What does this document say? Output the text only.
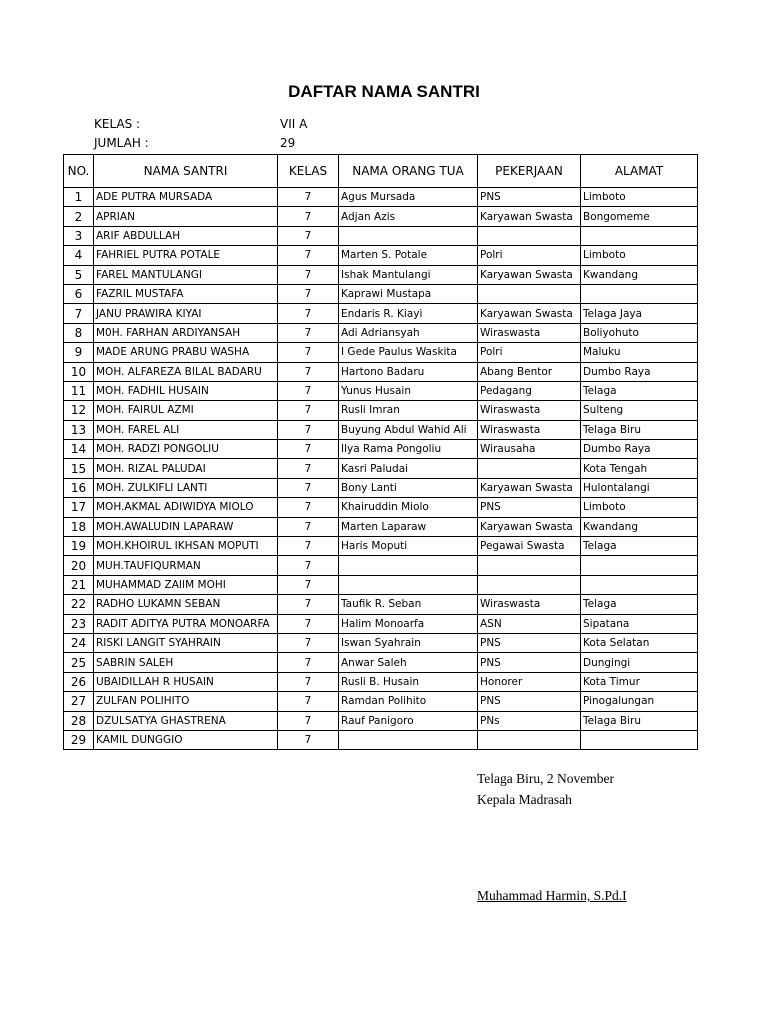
DAFTAR NAMA SANTRI
KELAS :	VII A
JUMLAH :	29
NO.	NAMA SANTRI	KELAS	NAMA ORANG TUA	PEKERJAAN	ALAMAT
1	ADE PUTRA MURSADA	7	Agus Mursada	PNS	Limboto
2	APRIAN	7	Adjan Azis	Karyawan Swasta	Bongomeme
3	ARIF ABDULLAH	7			
4	FAHRIEL PUTRA POTALE	7	Marten S. Potale	Polri	Limboto
5	FAREL MANTULANGI	7	Ishak Mantulangi	Karyawan Swasta	Kwandang
6	FAZRIL MUSTAFA	7	Kaprawi Mustapa		
7	JANU PRAWIRA KIYAI	7	Endaris R. Kiayi	Karyawan Swasta	Telaga Jaya
8	M0H. FARHAN ARDIYANSAH	7	Adi Adriansyah	Wiraswasta	Boliyohuto
9	MADE ARUNG PRABU WASHA	7	I Gede Paulus Waskita	Polri	Maluku
10	MOH. ALFAREZA BILAL BADARU	7	Hartono Badaru	Abang Bentor	Dumbo Raya
11	MOH. FADHIL HUSAIN	7	Yunus Husain	Pedagang	Telaga
12	MOH. FAIRUL AZMI	7	Rusli Imran	Wiraswasta	Sulteng
13	MOH. FAREL ALI	7	Buyung Abdul Wahid Ali	Wiraswasta	Telaga Biru
14	MOH. RADZI PONGOLIU	7	Ilya Rama Pongoliu	Wirausaha	Dumbo Raya
15	MOH. RIZAL PALUDAI	7	Kasri Paludai		Kota Tengah
16	MOH. ZULKIFLI LANTI	7	Bony Lanti	Karyawan Swasta	Hulontalangi
17	MOH.AKMAL ADIWIDYA MIOLO	7	Khairuddin Miolo	PNS	Limboto
18	MOH.AWALUDIN LAPARAW	7	Marten Laparaw	Karyawan Swasta	Kwandang
19	MOH.KHOIRUL IKHSAN MOPUTI	7	Haris Moputi	Pegawai Swasta	Telaga
20	MUH.TAUFIQURMAN	7			
21	MUHAMMAD ZAIIM MOHI	7			
22	RADHO LUKAMN SEBAN	7	Taufik R. Seban	Wiraswasta	Telaga
23	RADIT ADITYA PUTRA MONOARFA	7	Halim Monoarfa	ASN	Sipatana
24	RISKI LANGIT SYAHRAIN	7	Iswan Syahrain	PNS	Kota Selatan
25	SABRIN SALEH	7	Anwar Saleh	PNS	Dungingi
26	UBAIDILLAH R HUSAIN	7	Rusli B. Husain	Honorer	Kota Timur
27	ZULFAN POLIHITO	7	Ramdan Polihito	PNS	Pinogalungan
28	DZULSATYA GHASTRENA	7	Rauf Panigoro	PNs	Telaga Biru
29	KAMIL DUNGGIO	7			
Telaga Biru, 2 November
Kepala Madrasah
Muhammad Harmin, S.Pd.I
